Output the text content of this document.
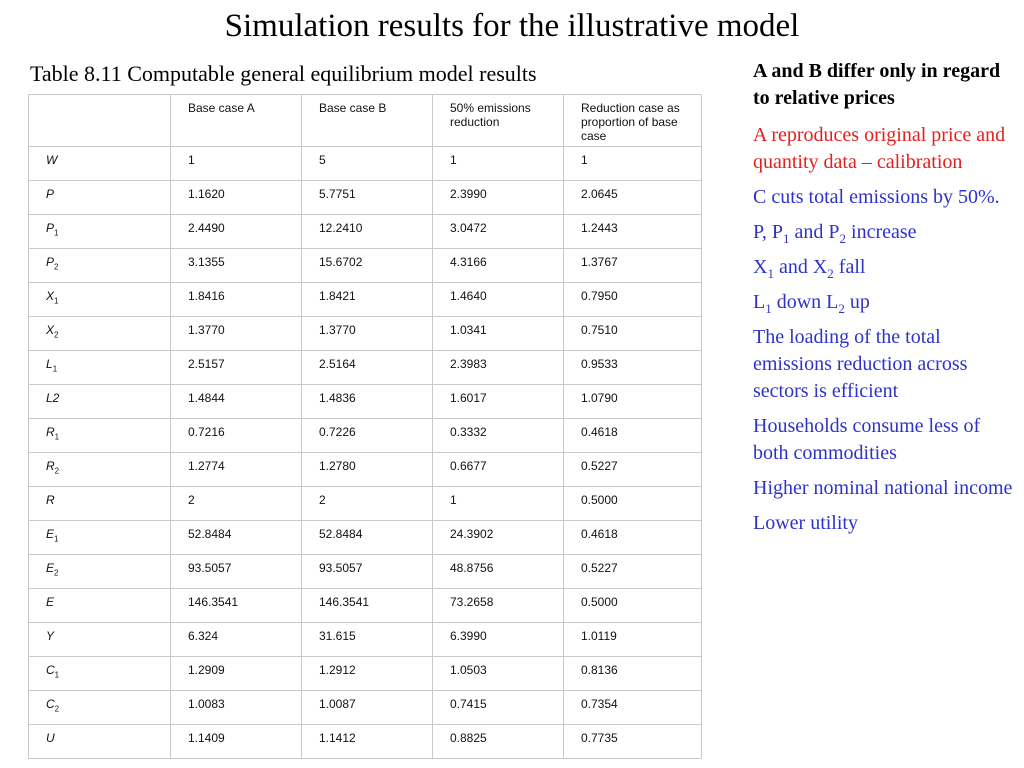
Simulation results for the illustrative model
Table 8.11 Computable general equilibrium model results
	Base case A	Base case B	50% emissions reduction	Reduction case as proportion of base case
W	1	5	1	1
P	1.1620	5.7751	2.3990	2.0645
$P_1$	2.4490	12.2410	3.0472	1.2443
$P_2$	3.1355	15.6702	4.3166	1.3767
$X_1$	1.8416	1.8421	1.4640	0.7950
$X_2$	1.3770	1.3770	1.0341	0.7510
$L_1$	2.5157	2.5164	2.3983	0.9533
L2	1.4844	1.4836	1.6017	1.0790
$R_1$	0.7216	0.7226	0.3332	0.4618
$R_2$	1.2774	1.2780	0.6677	0.5227
R	2	2	1	0.5000
$E_1$	52.8484	52.8484	24.3902	0.4618
$E_2$	93.5057	93.5057	48.8756	0.5227
E	146.3541	146.3541	73.2658	0.5000
Y	6.324	31.615	6.3990	1.0119
$C_1$	1.2909	1.2912	1.0503	0.8136
$C_2$	1.0083	1.0087	0.7415	0.7354
U	1.1409	1.1412	0.8825	0.7735

A and B differ only in regard to relative prices

A reproduces original price and quantity data – calibration

C cuts total emissions by 50%.

P, $P_1$ and $P_2$ increase

$X_1$ and $X_2$ fall

$L_1$ down $L_2$ up

The loading of the total emissions reduction across sectors is efficient

Households consume less of both commodities

Higher nominal national income

Lower utility
